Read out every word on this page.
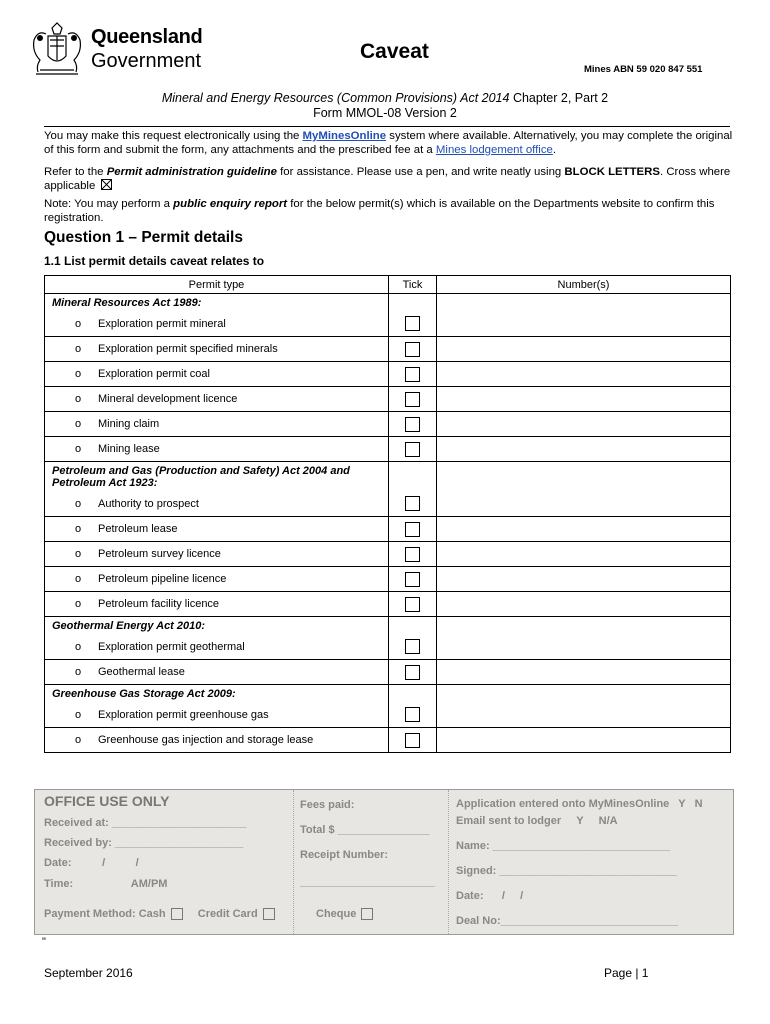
Queensland
Government	Caveat
Mines ABN 59 020 847 551
Mineral and Energy Resources (Common Provisions) Act 2014 Chapter 2, Part 2
Form MMOL-08 Version 2
You may make this request electronically using the MyMinesOnline system where available. Alternatively, you may complete the original of this form and submit the form, any attachments and the prescribed fee at a Mines lodgement office.
Refer to the Permit administration guideline for assistance. Please use a pen, and write neatly using BLOCK LETTERS. Cross where applicable
Note: You may perform a public enquiry report for the below permit(s) which is available on the Departments website to confirm this registration.
Question 1 – Permit details
1.1 List permit details caveat relates to
Permit type	Tick	Number(s)
Mineral Resources Act 1989:		
o Exploration permit mineral		
o Exploration permit specified minerals		
o Exploration permit coal		
o Mineral development licence		
o Mining claim		
o Mining lease		
Petroleum and Gas (Production and Safety) Act 2004 and Petroleum Act 1923:		
o Authority to prospect		
o Petroleum lease		
o Petroleum survey licence		
o Petroleum pipeline licence		
o Petroleum facility licence		
Geothermal Energy Act 2010:		
o Exploration permit geothermal		
o Geothermal lease		
Greenhouse Gas Storage Act 2009:		
o Exploration permit greenhouse gas		
o Greenhouse gas injection and storage lease		
OFFICE USE ONLY
Received at: ______________________
Received by: _____________________
Date:          /          /
Time:                   AM/PM
Payment Method: Cash	Credit Card
Fees paid:
Total $ _______________
Receipt Number:
______________________
Cheque
Application entered onto MyMinesOnline   Y   N
Email sent to lodger     Y     N/A
Name: _____________________________
Signed: _____________________________
Date:      /     /
Deal No:_____________________________
"
September 2016	Page | 1
